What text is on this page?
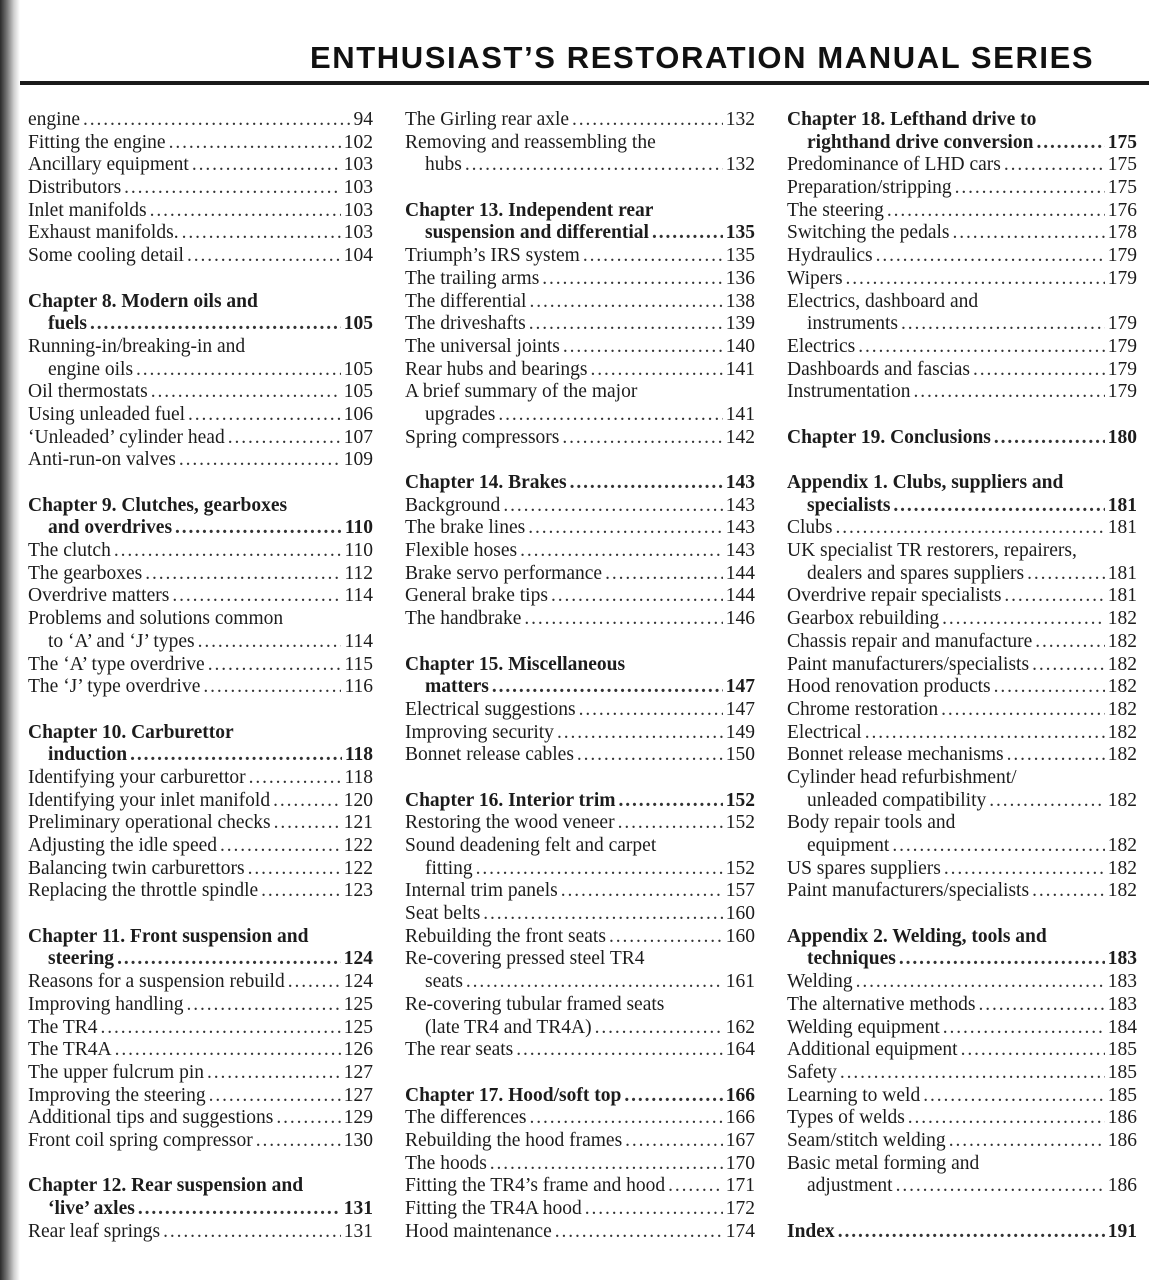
ENTHUSIAST’S RESTORATION MANUAL SERIES
engine . . .	94
Fitting the engine . . .	102
Ancillary equipment . . .	103
Distributors . . .	103
Inlet manifolds . . .	103
Exhaust manifolds. . . .	103
Some cooling detail . . .	104
Chapter 8. Modern oils and
fuels . . .	105
Running-in/breaking-in and
engine oils . . .	105
Oil thermostats . . .	105
Using unleaded fuel . . .	106
‘Unleaded’ cylinder head . . .	107
Anti-run-on valves . . .	109
Chapter 9. Clutches, gearboxes
and overdrives . . .	110
The clutch . . .	110
The gearboxes . . .	112
Overdrive matters . . .	114
Problems and solutions common
to ‘A’ and ‘J’ types . . .	114
The ‘A’ type overdrive . . .	115
The ‘J’ type overdrive . . .	116
Chapter 10. Carburettor
induction . . .	118
Identifying your carburettor . . .	118
Identifying your inlet manifold . . .	120
Preliminary operational checks . . .	121
Adjusting the idle speed . . .	122
Balancing twin carburettors . . .	122
Replacing the throttle spindle . . .	123
Chapter 11. Front suspension and
steering . . .	124
Reasons for a suspension rebuild . . .	124
Improving handling . . .	125
The TR4 . . .	125
The TR4A . . .	126
The upper fulcrum pin . . .	127
Improving the steering . . .	127
Additional tips and suggestions . . .	129
Front coil spring compressor . . .	130
Chapter 12. Rear suspension and
‘live’ axles . . .	131
Rear leaf springs . . .	131
The Girling rear axle . . .	132
Removing and reassembling the
hubs . . .	132
Chapter 13. Independent rear
suspension and differential . . .	135
Triumph’s IRS system . . .	135
The trailing arms . . .	136
The differential . . .	138
The driveshafts . . .	139
The universal joints . . .	140
Rear hubs and bearings . . .	141
A brief summary of the major
upgrades . . .	141
Spring compressors . . .	142
Chapter 14. Brakes . . .	143
Background . . .	143
The brake lines . . .	143
Flexible hoses . . .	143
Brake servo performance . . .	144
General brake tips . . .	144
The handbrake . . .	146
Chapter 15. Miscellaneous
matters . . .	147
Electrical suggestions . . .	147
Improving security . . .	149
Bonnet release cables . . .	150
Chapter 16. Interior trim . . .	152
Restoring the wood veneer . . .	152
Sound deadening felt and carpet
fitting . . .	152
Internal trim panels . . .	157
Seat belts . . .	160
Rebuilding the front seats . . .	160
Re-covering pressed steel TR4
seats . . .	161
Re-covering tubular framed seats
(late TR4 and TR4A) . . .	162
The rear seats . . .	164
Chapter 17. Hood/soft top . . .	166
The differences . . .	166
Rebuilding the hood frames . . .	167
The hoods . . .	170
Fitting the TR4’s frame and hood . . .	171
Fitting the TR4A hood . . .	172
Hood maintenance . . .	174
Chapter 18. Lefthand drive to
righthand drive conversion . . .	175
Predominance of LHD cars . . .	175
Preparation/stripping . . .	175
The steering . . .	176
Switching the pedals . . .	178
Hydraulics . . .	179
Wipers . . .	179
Electrics, dashboard and
instruments . . .	179
Electrics . . .	179
Dashboards and fascias . . .	179
Instrumentation . . .	179
Chapter 19. Conclusions . . .	180
Appendix 1. Clubs, suppliers and
specialists . . .	181
Clubs . . .	181
UK specialist TR restorers, repairers,
dealers and spares suppliers . . .	181
Overdrive repair specialists . . .	181
Gearbox rebuilding . . .	182
Chassis repair and manufacture . . .	182
Paint manufacturers/specialists . . .	182
Hood renovation products . . .	182
Chrome restoration . . .	182
Electrical . . .	182
Bonnet release mechanisms . . .	182
Cylinder head refurbishment/
unleaded compatibility . . .	182
Body repair tools and
equipment . . .	182
US spares suppliers . . .	182
Paint manufacturers/specialists . . .	182
Appendix 2. Welding, tools and
techniques . . .	183
Welding . . .	183
The alternative methods . . .	183
Welding equipment . . .	184
Additional equipment . . .	185
Safety . . .	185
Learning to weld . . .	185
Types of welds . . .	186
Seam/stitch welding . . .	186
Basic metal forming and
adjustment . . .	186
Index . . .	191
